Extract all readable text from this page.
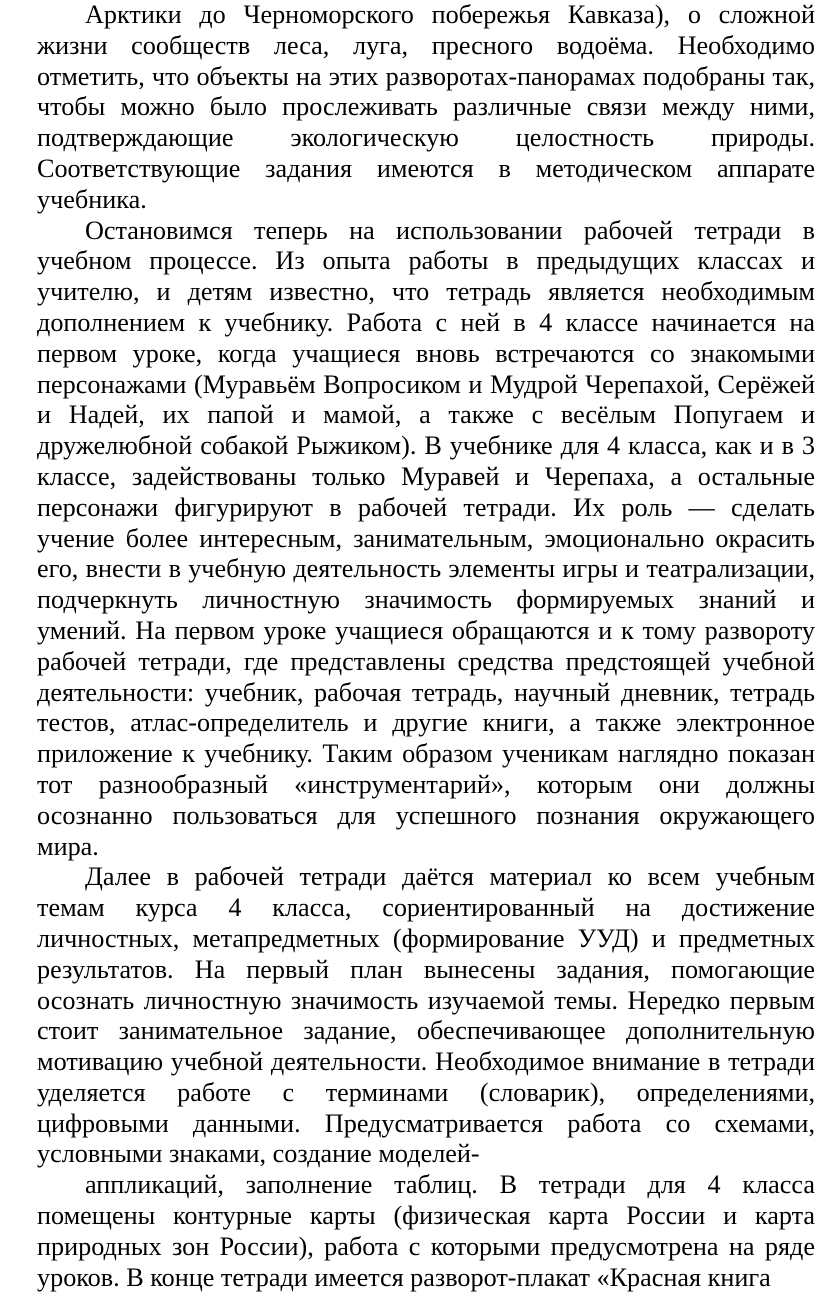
Арктики до Черноморского побережья Кавказа), о сложной жизни сообществ леса, луга, пресного водоёма. Необходимо отметить, что объекты на этих разворотах-панорамах подобраны так, чтобы можно было прослеживать различные связи между ними, подтверждающие экологическую целостность природы. Соответствующие задания имеются в методическом аппарате учебника.

Остановимся теперь на использовании рабочей тетради в учебном процессе. Из опыта работы в предыдущих классах и учителю, и детям известно, что тетрадь является необходимым дополнением к учебнику. Работа с ней в 4 классе начинается на первом уроке, когда учащиеся вновь встречаются со знакомыми персонажами (Муравьём Вопросиком и Мудрой Черепахой, Серёжей и Надей, их папой и мамой, а также с весёлым Попугаем и дружелюбной собакой Рыжиком). В учебнике для 4 класса, как и в 3 классе, задействованы только Муравей и Черепаха, а остальные персонажи фигурируют в рабочей тетради. Их роль — сделать учение более интересным, занимательным, эмоционально окрасить его, внести в учебную деятельность элементы игры и театрализации, подчеркнуть личностную значимость формируемых знаний и умений. На первом уроке учащиеся обращаются и к тому развороту рабочей тетради, где представлены средства предстоящей учебной деятельности: учебник, рабочая тетрадь, научный дневник, тетрадь тестов, атлас-определитель и другие книги, а также электронное приложение к учебнику. Таким образом ученикам наглядно показан тот разнообразный «инструментарий», которым они должны осознанно пользоваться для успешного познания окружающего мира.

Далее в рабочей тетради даётся материал ко всем учебным темам курса 4 класса, сориентированный на достижение личностных, метапредметных (формирование УУД) и предметных результатов. На первый план вынесены задания, помогающие осознать личностную значимость изучаемой темы. Нередко первым стоит занимательное задание, обеспечивающее дополнительную мотивацию учебной деятельности. Необходимое внимание в тетради уделяется работе с терминами (словарик), определениями, цифровыми данными. Предусматривается работа со схемами, условными знаками, создание моделей-

аппликаций, заполнение таблиц. В тетради для 4 класса помещены контурные карты (физическая карта России и карта природных зон России), работа с которыми предусмотрена на ряде уроков. В конце тетради имеется разворот-плакат «Красная книга
